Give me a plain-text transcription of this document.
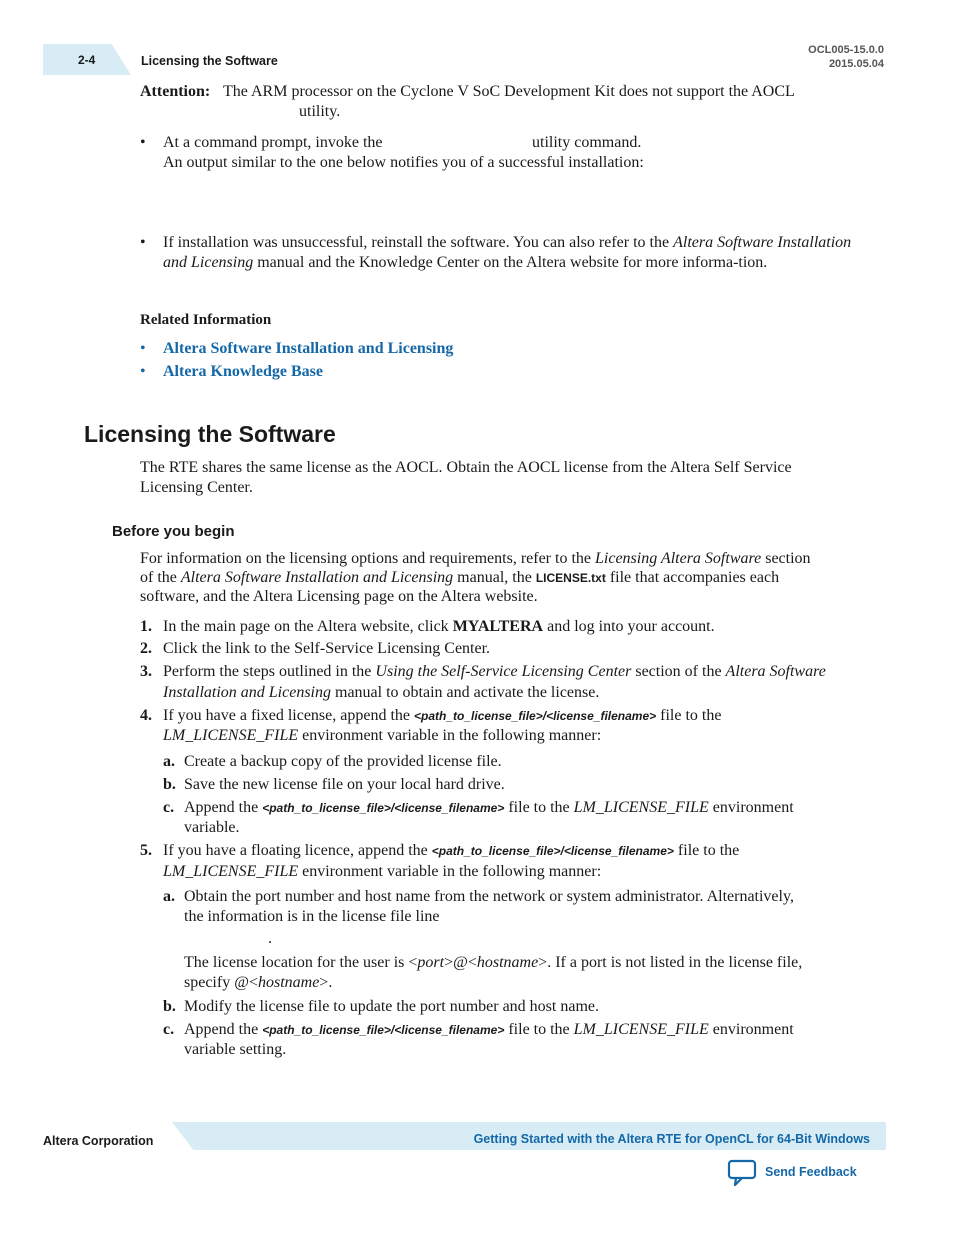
2-4	Licensing the Software
OCL005-15.0.0
2015.05.04
Attention: The ARM processor on the Cyclone V SoC Development Kit does not support the AOCL
utility.
• At a command prompt, invoke the	utility command.
An output similar to the one below notifies you of a successful installation:
• If installation was unsuccessful, reinstall the software. You can also refer to the Altera Software Installation and Licensing manual and the Knowledge Center on the Altera website for more informa-tion.
Related Information
• Altera Software Installation and Licensing
• Altera Knowledge Base
Licensing the Software
The RTE shares the same license as the AOCL. Obtain the AOCL license from the Altera Self Service
Licensing Center.
Before you begin
For information on the licensing options and requirements, refer to the Licensing Altera Software section
of the Altera Software Installation and Licensing manual, the LICENSE.txt file that accompanies each
software, and the Altera Licensing page on the Altera website.
1. In the main page on the Altera website, click MYALTERA and log into your account.
2. Click the link to the Self-Service Licensing Center.
3. Perform the steps outlined in the Using the Self-Service Licensing Center section of the Altera Software
Installation and Licensing manual to obtain and activate the license.
4. If you have a fixed license, append the <path_to_license_file>/<license_filename> file to the
LM_LICENSE_FILE environment variable in the following manner:
a. Create a backup copy of the provided license file.
b. Save the new license file on your local hard drive.
c. Append the <path_to_license_file>/<license_filename> file to the LM_LICENSE_FILE environment
variable.
5. If you have a floating licence, append the <path_to_license_file>/<license_filename> file to the
LM_LICENSE_FILE environment variable in the following manner:
a. Obtain the port number and host name from the network or system administrator. Alternatively,
the information is in the license file line
.
The license location for the user is <port>@<hostname>. If a port is not listed in the license file,
specify @<hostname>.
b. Modify the license file to update the port number and host name.
c. Append the <path_to_license_file>/<license_filename> file to the LM_LICENSE_FILE environment
variable setting.
Altera Corporation	Getting Started with the Altera RTE for OpenCL for 64-Bit Windows
Send Feedback
